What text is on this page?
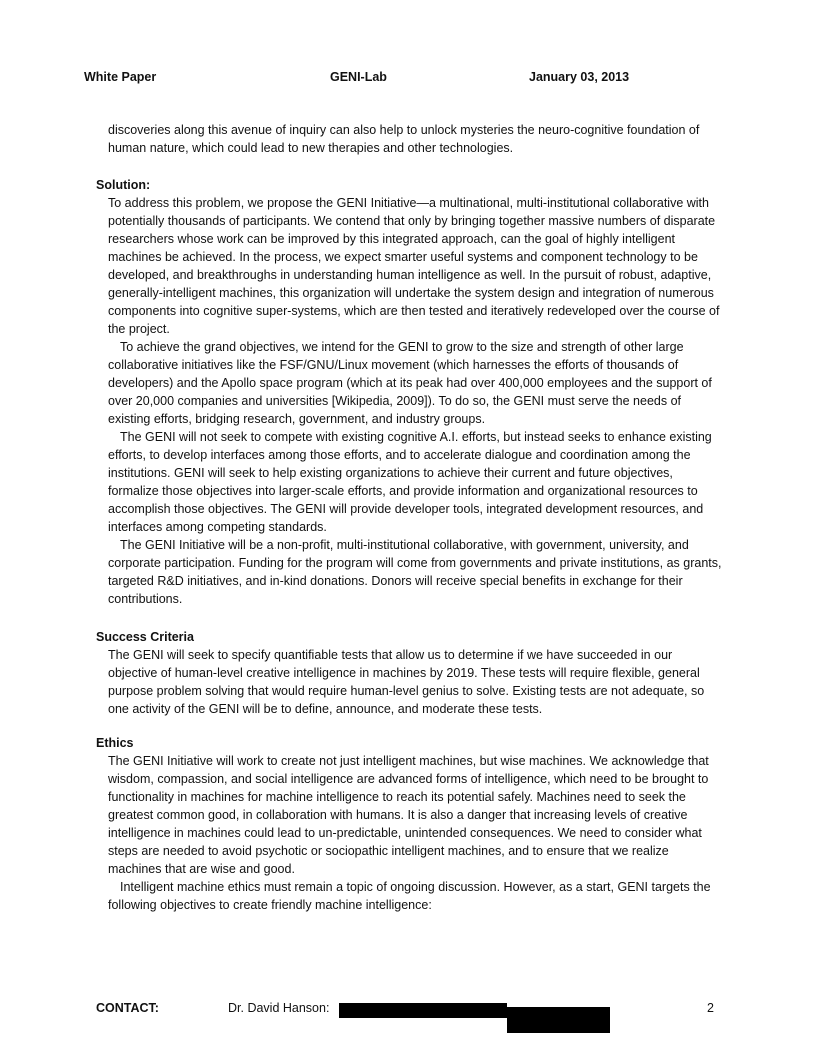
White Paper	GENI-Lab	January 03, 2013

discoveries along this avenue of inquiry can also help to unlock mysteries the neuro-cognitive foundation of human nature, which could lead to new therapies and other technologies.

Solution:

To address this problem, we propose the GENI Initiative—a multinational, multi-institutional collaborative with potentially thousands of participants. We contend that only by bringing together massive numbers of disparate researchers whose work can be improved by this integrated approach, can the goal of highly intelligent machines be achieved. In the process, we expect smarter useful systems and component technology to be developed, and breakthroughs in understanding human intelligence as well. In the pursuit of robust, adaptive, generally-intelligent machines, this organization will undertake the system design and integration of numerous components into cognitive super-systems, which are then tested and iteratively redeveloped over the course of the project.

To achieve the grand objectives, we intend for the GENI to grow to the size and strength of other large collaborative initiatives like the FSF/GNU/Linux movement (which harnesses the efforts of thousands of developers) and the Apollo space program (which at its peak had over 400,000 employees and the support of over 20,000 companies and universities [Wikipedia, 2009]). To do so, the GENI must serve the needs of existing efforts, bridging research, government, and industry groups.

The GENI will not seek to compete with existing cognitive A.I. efforts, but instead seeks to enhance existing efforts, to develop interfaces among those efforts, and to accelerate dialogue and coordination among the institutions. GENI will seek to help existing organizations to achieve their current and future objectives, formalize those objectives into larger-scale efforts, and provide information and organizational resources to accomplish those objectives. The GENI will provide developer tools, integrated development resources, and interfaces among competing standards.

The GENI Initiative will be a non-profit, multi-institutional collaborative, with government, university, and corporate participation. Funding for the program will come from governments and private institutions, as grants, targeted R&D initiatives, and in-kind donations. Donors will receive special benefits in exchange for their contributions.

Success Criteria

The GENI will seek to specify quantifiable tests that allow us to determine if we have succeeded in our objective of human-level creative intelligence in machines by 2019. These tests will require flexible, general purpose problem solving that would require human-level genius to solve. Existing tests are not adequate, so one activity of the GENI will be to define, announce, and moderate these tests.

Ethics

The GENI Initiative will work to create not just intelligent machines, but wise machines. We acknowledge that wisdom, compassion, and social intelligence are advanced forms of intelligence, which need to be brought to functionality in machines for machine intelligence to reach its potential safely. Machines need to seek the greatest common good, in collaboration with humans. It is also a danger that increasing levels of creative intelligence in machines could lead to un-predictable, unintended consequences. We need to consider what steps are needed to avoid psychotic or sociopathic intelligent machines, and to ensure that we realize machines that are wise and good.

Intelligent machine ethics must remain a topic of ongoing discussion. However, as a start, GENI targets the following objectives to create friendly machine intelligence:

CONTACT:	Dr. David Hanson:	2
